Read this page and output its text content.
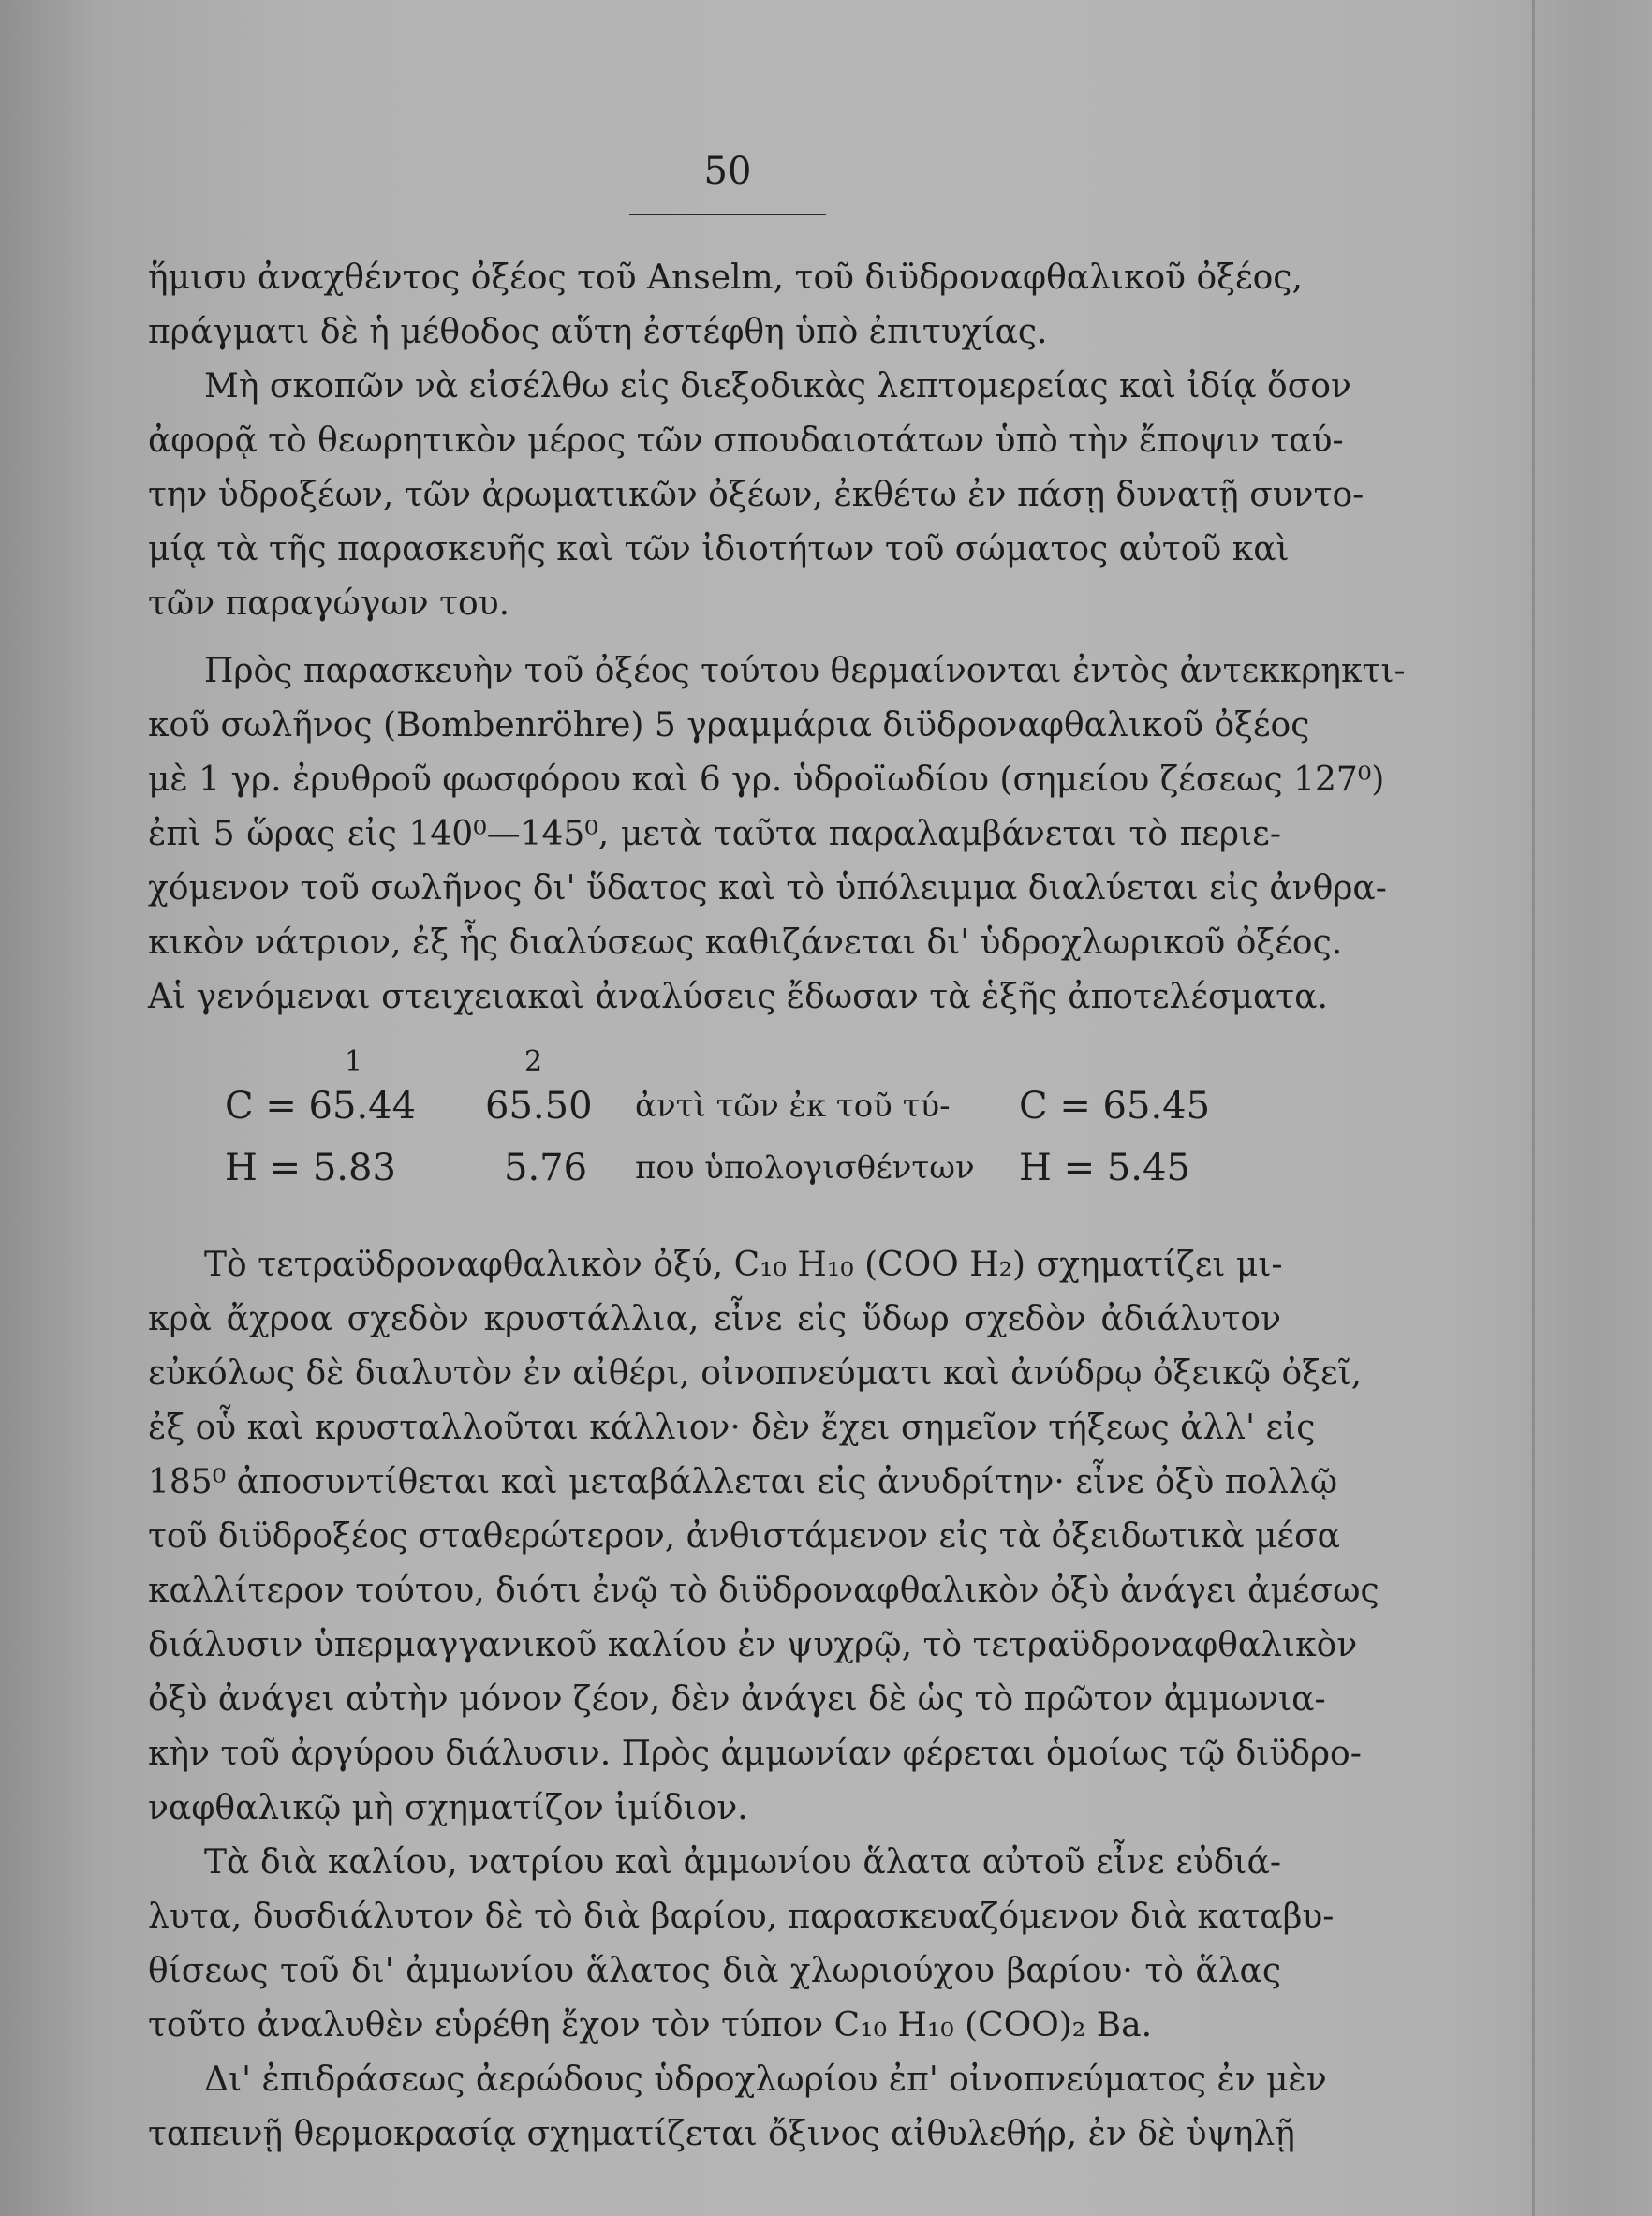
50
ἥμισυ ἀναχθέντος ὀξέος τοῦ Anselm, τοῦ διϋδροναφθαλικοῦ ὀξέος,
πράγματι δὲ ἡ μέθοδος αὕτη ἐστέφθη ὑπὸ ἐπιτυχίας.
Μὴ σκοπῶν νὰ εἰσέλθω εἰς διεξοδικὰς λεπτομερείας καὶ ἰδίᾳ ὅσον
ἀφορᾷ τὸ θεωρητικὸν μέρος τῶν σπουδαιοτάτων ὑπὸ τὴν ἔποψιν ταύ-
την ὑδροξέων, τῶν ἀρωματικῶν ὀξέων, ἐκθέτω ἐν πάσῃ δυνατῇ συντο-
μίᾳ τὰ τῆς παρασκευῆς καὶ τῶν ἰδιοτήτων τοῦ σώματος αὐτοῦ καὶ
τῶν παραγώγων του.
Πρὸς παρασκευὴν τοῦ ὀξέος τούτου θερμαίνονται ἐντὸς ἀντεκκρηκτι-
κοῦ σωλῆνος (Bombenröhre) 5 γραμμάρια διϋδροναφθαλικοῦ ὀξέος
μὲ 1 γρ. ἐρυθροῦ φωσφόρου καὶ 6 γρ. ὑδροϊωδίου (σημείου ζέσεως 127⁰)
ἐπὶ 5 ὥρας εἰς 140⁰—145⁰, μετὰ ταῦτα παραλαμβάνεται τὸ περιε-
χόμενον τοῦ σωλῆνος δι' ὕδατος καὶ τὸ ὑπόλειμμα διαλύεται εἰς ἀνθρα-
κικὸν νάτριον, ἐξ ἧς διαλύσεως καθιζάνεται δι' ὑδροχλωρικοῦ ὀξέος.
Αἱ γενόμεναι στειχειακαὶ ἀναλύσεις ἔδωσαν τὰ ἑξῆς ἀποτελέσματα.
1	2
C = 65.44 65.50 ἀντὶ τῶν ἐκ τοῦ τύ- C = 65.45
H = 5.83	5.76 που ὑπολογισθέντων H = 5.45
Τὸ τετραϋδροναφθαλικὸν ὀξύ, C₁₀ H₁₀ (COO H₂) σχηματίζει μι-
κρὰ ἄχροα σχεδὸν κρυστάλλια, εἶνε εἰς ὕδωρ σχεδὸν ἀδιάλυτον
εὐκόλως δὲ διαλυτὸν ἐν αἰθέρι, οἰνοπνεύματι καὶ ἀνύδρῳ ὀξεικῷ ὀξεῖ,
ἐξ οὗ καὶ κρυσταλλοῦται κάλλιον· δὲν ἔχει σημεῖον τήξεως ἀλλ' εἰς
185⁰ ἀποσυντίθεται καὶ μεταβάλλεται εἰς ἀνυδρίτην· εἶνε ὀξὺ πολλῷ
τοῦ διϋδροξέος σταθερώτερον, ἀνθιστάμενον εἰς τὰ ὀξειδωτικὰ μέσα
καλλίτερον τούτου, διότι ἐνῷ τὸ διϋδροναφθαλικὸν ὀξὺ ἀνάγει ἀμέσως
διάλυσιν ὑπερμαγγανικοῦ καλίου ἐν ψυχρῷ, τὸ τετραϋδροναφθαλικὸν
ὀξὺ ἀνάγει αὐτὴν μόνον ζέον, δὲν ἀνάγει δὲ ὡς τὸ πρῶτον ἀμμωνια-
κὴν τοῦ ἀργύρου διάλυσιν. Πρὸς ἀμμωνίαν φέρεται ὁμοίως τῷ διϋδρο-
ναφθαλικῷ μὴ σχηματίζον ἰμίδιον.
Τὰ διὰ καλίου, νατρίου καὶ ἀμμωνίου ἅλατα αὐτοῦ εἶνε εὐδιά-
λυτα, δυσδιάλυτον δὲ τὸ διὰ βαρίου, παρασκευαζόμενον διὰ καταβυ-
θίσεως τοῦ δι' ἀμμωνίου ἅλατος διὰ χλωριούχου βαρίου· τὸ ἅλας
τοῦτο ἀναλυθὲν εὑρέθη ἔχον τὸν τύπον C₁₀ H₁₀ (COO)₂ Ba.
Δι' ἐπιδράσεως ἀερώδους ὑδροχλωρίου ἐπ' οἰνοπνεύματος ἐν μὲν
ταπεινῇ θερμοκρασίᾳ σχηματίζεται ὄξινος αἰθυλεθήρ, ἐν δὲ ὑψηλῇ
